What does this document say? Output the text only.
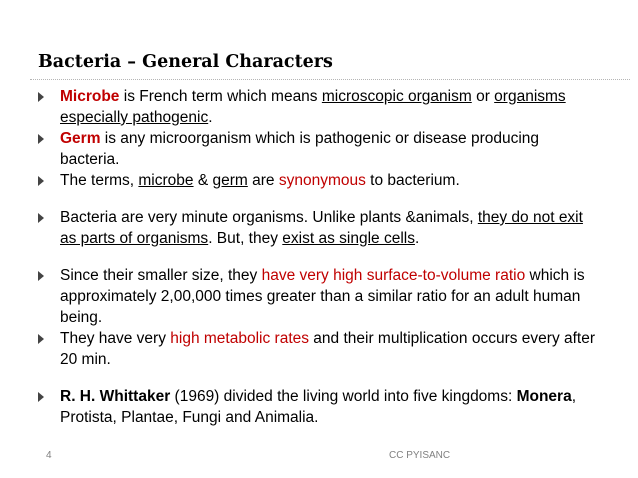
Bacteria – General Characters
Microbe is French term which means microscopic organism or organisms especially pathogenic.
Germ is any microorganism which is pathogenic or disease producing bacteria.
The terms, microbe & germ are synonymous to bacterium.
Bacteria are very minute organisms. Unlike plants &animals, they do not exit as parts of organisms. But, they exist as single cells.
Since their smaller size, they have very high surface-to-volume ratio which is approximately 2,00,000 times greater than a similar ratio for an adult human being.
They have very high metabolic rates and their multiplication occurs every after 20 min.
R. H. Whittaker (1969) divided the living world into five kingdoms: Monera, Protista, Plantae, Fungi and Animalia.
4	CC PYISANC
